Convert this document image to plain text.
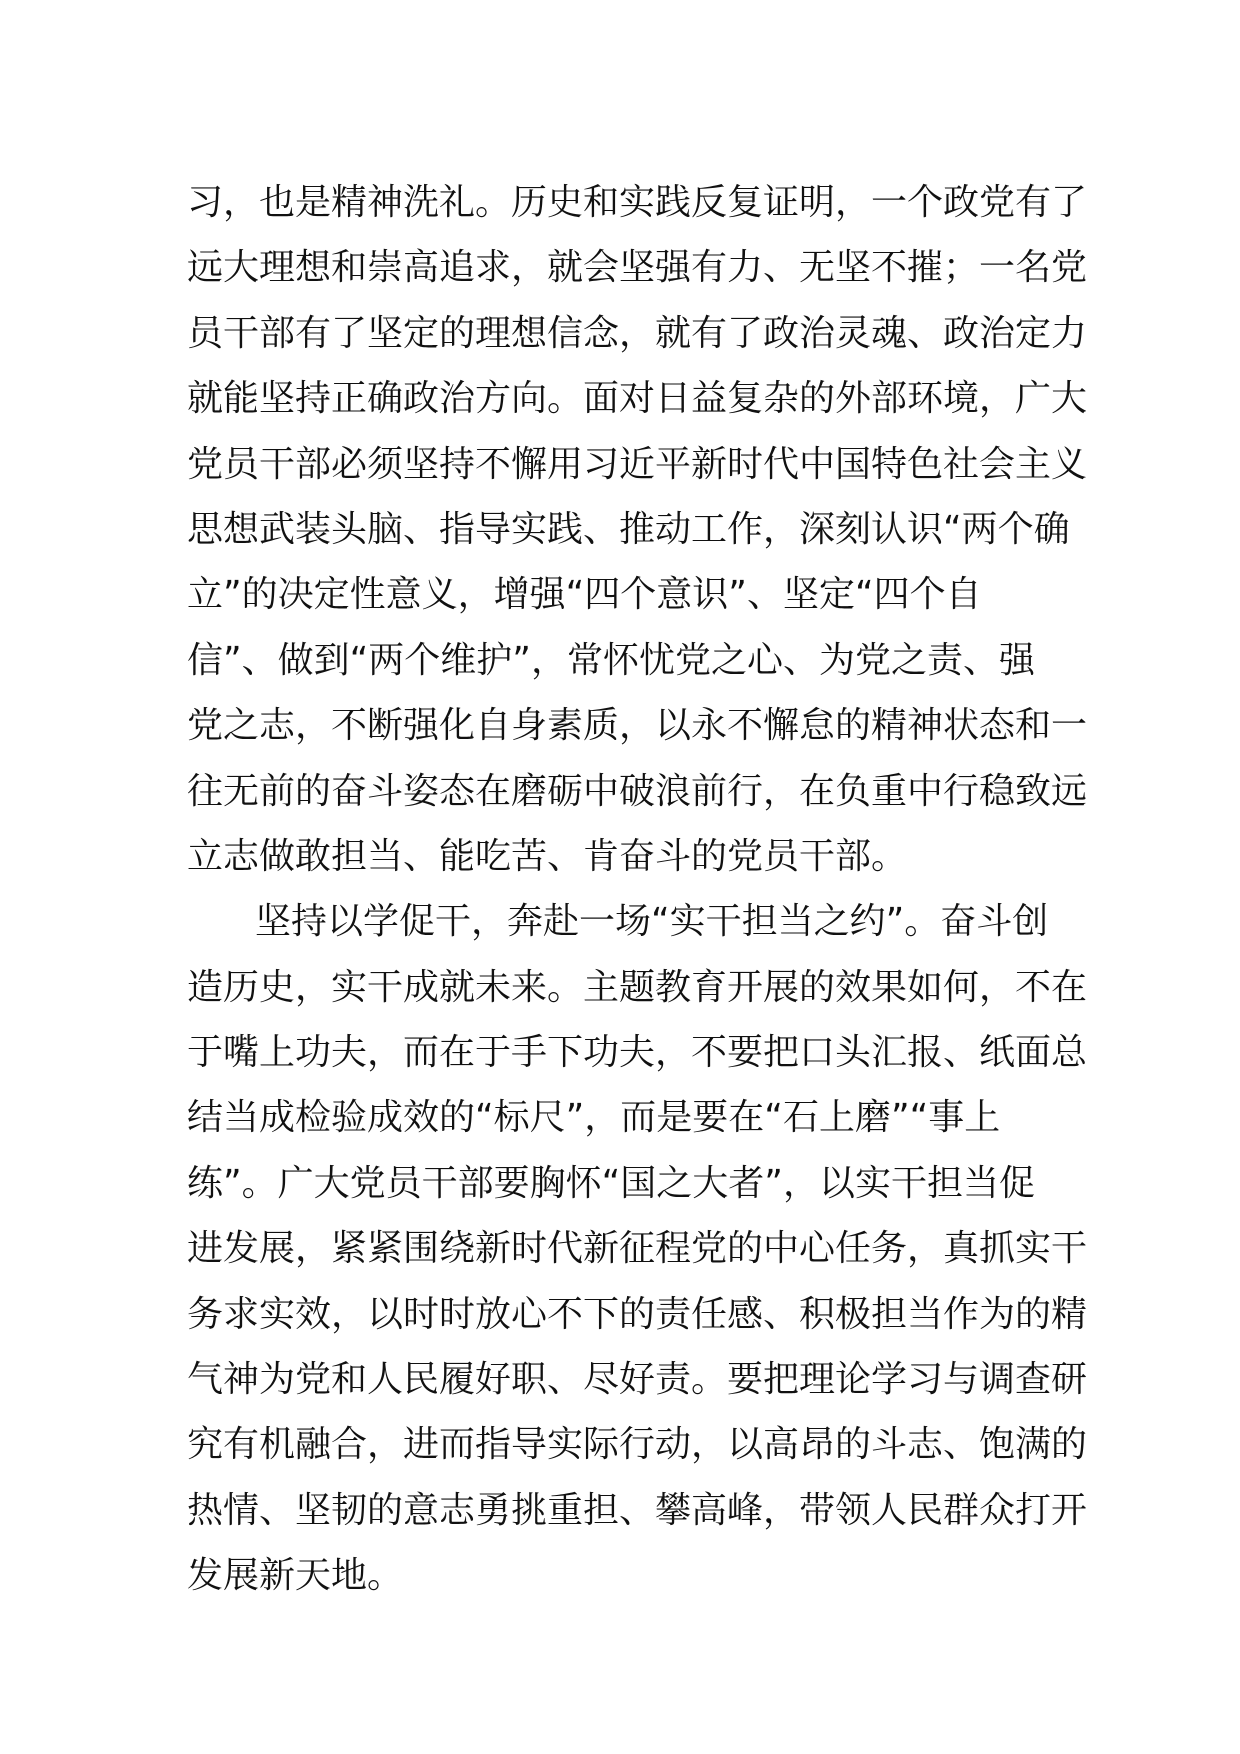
习，也是精神洗礼。历史和实践反复证明，一个政党有了
远大理想和崇高追求，就会坚强有力、无坚不摧；一名党
员干部有了坚定的理想信念，就有了政治灵魂、政治定力
就能坚持正确政治方向。面对日益复杂的外部环境，广大
党员干部必须坚持不懈用习近平新时代中国特色社会主义
思想武装头脑、指导实践、推动工作，深刻认识“两个确
立”的决定性意义，增强“四个意识”、坚定“四个自
信”、做到“两个维护”，常怀忧党之心、为党之责、强
党之志，不断强化自身素质，以永不懈怠的精神状态和一
往无前的奋斗姿态在磨砺中破浪前行，在负重中行稳致远
立志做敢担当、能吃苦、肯奋斗的党员干部。
坚持以学促干，奔赴一场“实干担当之约”。奋斗创
造历史，实干成就未来。主题教育开展的效果如何，不在
于嘴上功夫，而在于手下功夫，不要把口头汇报、纸面总
结当成检验成效的“标尺”，而是要在“石上磨”“事上
练”。广大党员干部要胸怀“国之大者”，以实干担当促
进发展，紧紧围绕新时代新征程党的中心任务，真抓实干
务求实效，以时时放心不下的责任感、积极担当作为的精
气神为党和人民履好职、尽好责。要把理论学习与调查研
究有机融合，进而指导实际行动，以高昂的斗志、饱满的
热情、坚韧的意志勇挑重担、攀高峰，带领人民群众打开
发展新天地。
